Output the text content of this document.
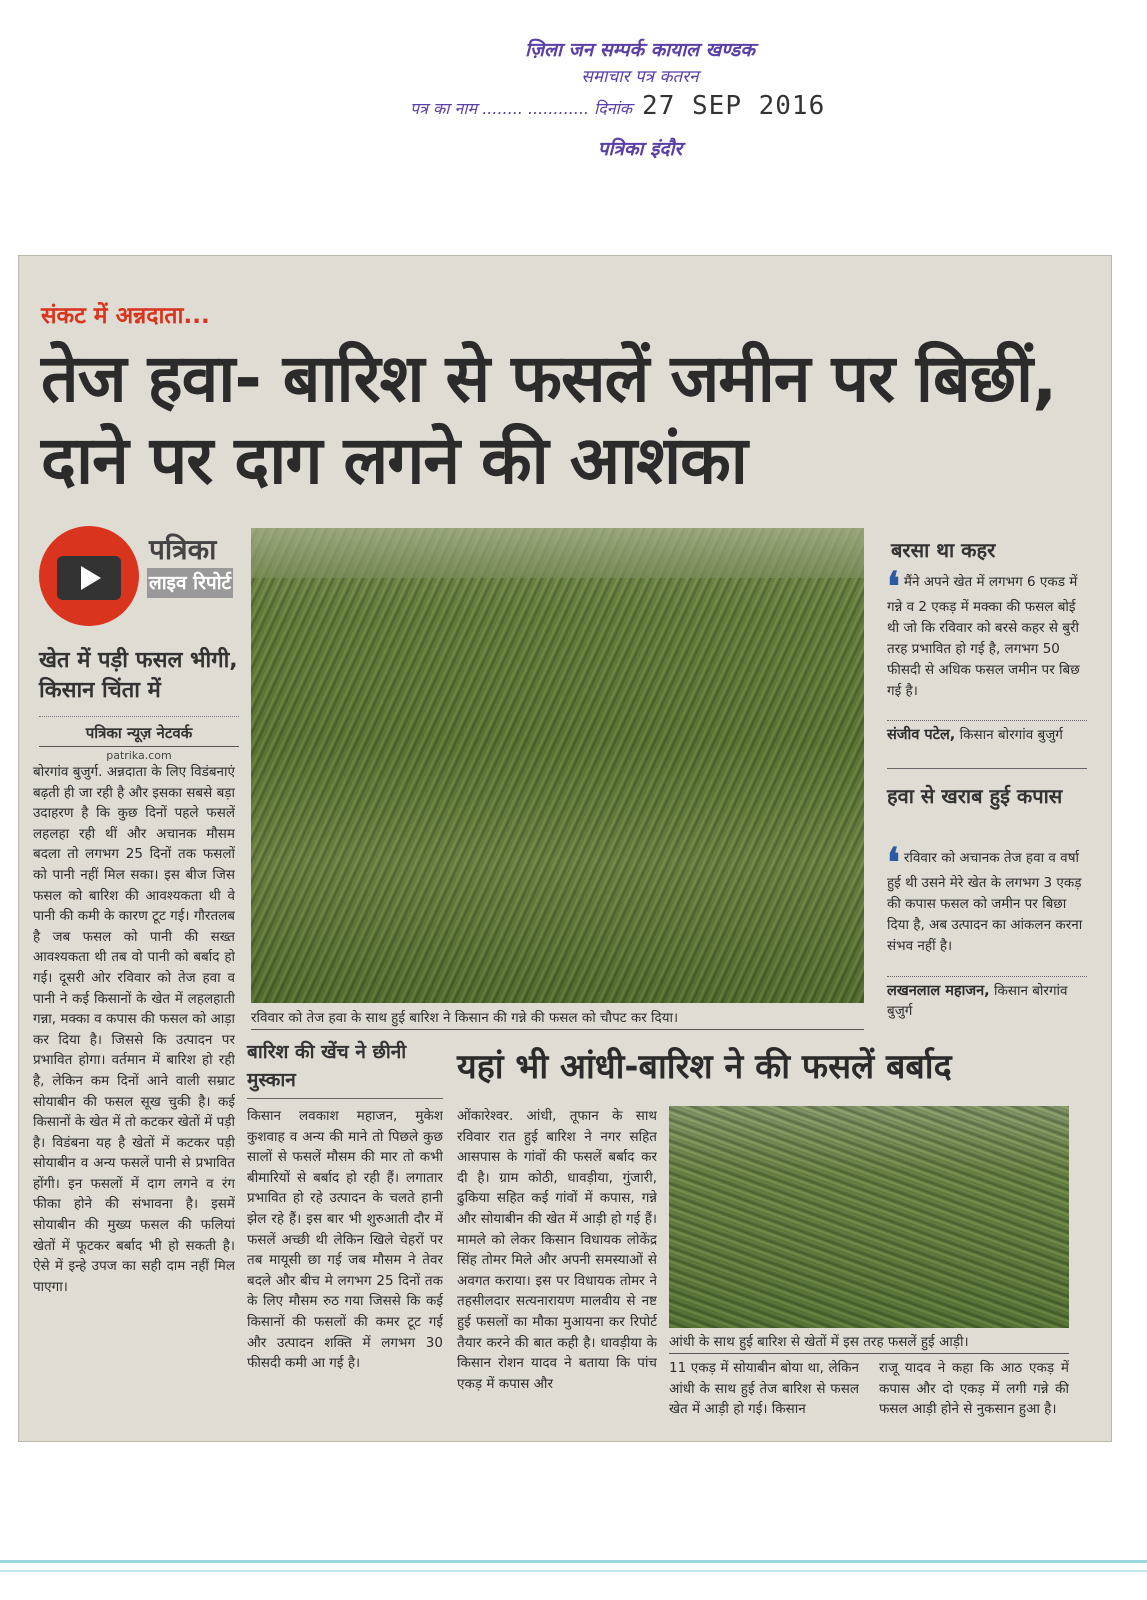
ज़िला जन सम्पर्क कायाल खण्डक
समाचार पत्र कतरन
पत्र का नाम ........ ............ दिनांक 27 SEP 2016
पत्रिका इंदौर
संकट में अन्नदाता...
तेज हवा- बारिश से फसलें जमीन पर बिछीं, दाने पर दाग लगने की आशंका
पत्रिका
लाइव रिपोर्ट
खेत में पड़ी फसल भीगी, किसान चिंता में
पत्रिका न्यूज़ नेटवर्क
patrika.com
बोरगांव बुजुर्ग. अन्नदाता के लिए विडंबनाएं बढ़ती ही जा रही है और इसका सबसे बड़ा उदाहरण है कि कुछ दिनों पहले फसलें लहलहा रही थीं और अचानक मौसम बदला तो लगभग 25 दिनों तक फसलों को पानी नहीं मिल सका। इस बीज जिस फसल को बारिश की आवश्यकता थी वे पानी की कमी के कारण टूट गई। गौरतलब है जब फसल को पानी की सख्त आवश्यकता थी तब वो पानी को बर्बाद हो गई। दूसरी ओर रविवार को तेज हवा व पानी ने कई किसानों के खेत में लहलहाती गन्ना, मक्का व कपास की फसल को आड़ा कर दिया है। जिससे कि उत्पादन पर प्रभावित होगा। वर्तमान में बारिश हो रही है, लेकिन कम दिनों आने वाली सम्राट सोयाबीन की फसल सूख चुकी है। कई किसानों के खेत में तो कटकर खेतों में पड़ी है। विडंबना यह है खेतों में कटकर पड़ी सोयाबीन व अन्य फसलें पानी से प्रभावित होंगी। इन फसलों में दाग लगने व रंग फीका होने की संभावना है। इसमें सोयाबीन की मुख्य फसल की फलियां खेतों में फूटकर बर्बाद भी हो सकती है। ऐसे में इन्हे उपज का सही दाम नहीं मिल पाएगा।
रविवार को तेज हवा के साथ हुई बारिश ने किसान की गन्ने की फसल को चौपट कर दिया।
बरसा था कहर
❛ मैंने अपने खेत में लगभग 6 एकड में गन्ने व 2 एकड़ में मक्का की फसल बोई थी जो कि रविवार को बरसे कहर से बुरी तरह प्रभावित हो गई है, लगभग 50 फीसदी से अधिक फसल जमीन पर बिछ गई है।
संजीव पटेल, किसान बोरगांव बुजुर्ग
हवा से खराब हुई कपास
❛ रविवार को अचानक तेज हवा व वर्षा हुई थी उसने मेरे खेत के लगभग 3 एकड़ की कपास फसल को जमीन पर बिछा दिया है, अब उत्पादन का आंकलन करना संभव नहीं है।
लखनलाल महाजन, किसान बोरगांव बुजुर्ग
बारिश की खेंच ने छीनी मुस्कान
किसान लवकाश महाजन, मुकेश कुशवाह व अन्य की माने तो पिछले कुछ सालों से फसलें मौसम की मार तो कभी बीमारियों से बर्बाद हो रही हैं। लगातार प्रभावित हो रहे उत्पादन के चलते हानी झेल रहे हैं। इस बार भी शुरुआती दौर में फसलें अच्छी थी लेकिन खिले चेहरों पर तब मायूसी छा गई जब मौसम ने तेवर बदले और बीच मे लगभग 25 दिनों तक के लिए मौसम रुठ गया जिससे कि कई किसानों की फसलों की कमर टूट गई और उत्पादन शक्ति में लगभग 30 फीसदी कमी आ गई है।
यहां भी आंधी-बारिश ने की फसलें बर्बाद
ओंकारेश्वर. आंधी, तूफान के साथ रविवार रात हुई बारिश ने नगर सहित आसपास के गांवों की फसलें बर्बाद कर दी है। ग्राम कोठी, धावड़ीया, गुंजारी, ढुकिया सहित कई गांवों में कपास, गन्ने और सोयाबीन की खेत में आड़ी हो गई हैं। मामले को लेकर किसान विधायक लोकेंद्र सिंह तोमर मिले और अपनी समस्याओं से अवगत कराया। इस पर विधायक तोमर ने तहसीलदार सत्यनारायण मालवीय से नष्ट हुई फसलों का मौका मुआयना कर रिपोर्ट तैयार करने की बात कही है। धावड़ीया के किसान रोशन यादव ने बताया कि पांच एकड़ में कपास और
आंधी के साथ हुई बारिश से खेतों में इस तरह फसलें हुई आड़ी।
11 एकड़ में सोयाबीन बोया था, लेकिन आंधी के साथ हुई तेज बारिश से फसल खेत में आड़ी हो गई। किसान
राजू यादव ने कहा कि आठ एकड़ में कपास और दो एकड़ में लगी गन्ने की फसल आड़ी होने से नुकसान हुआ है।
